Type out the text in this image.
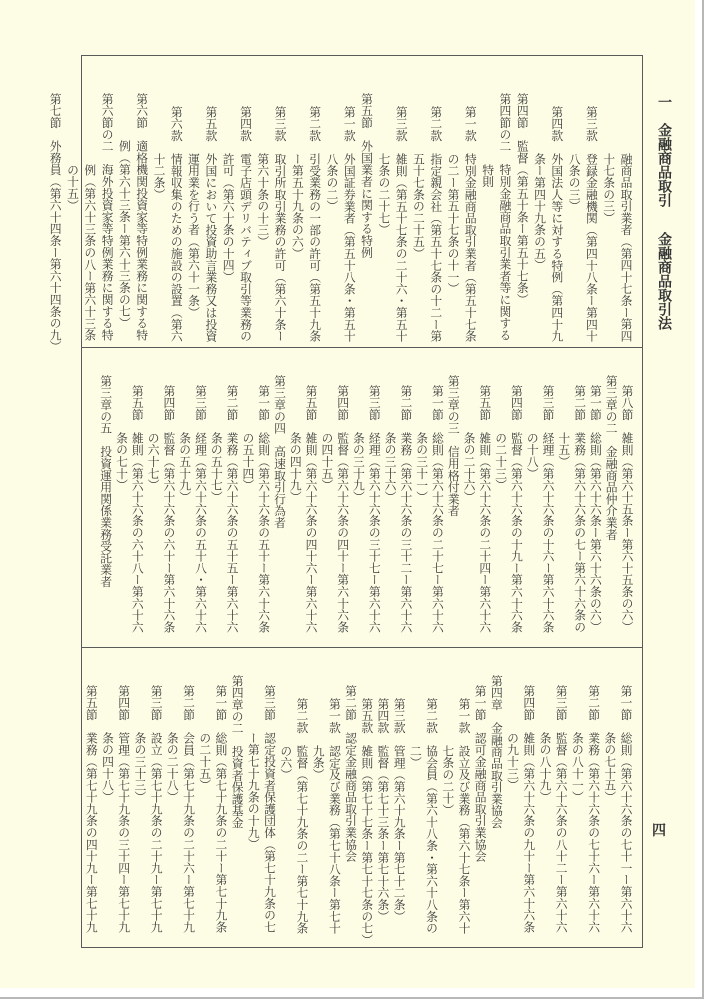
一　金融商品取引
金融商品取引法
融商品取引業者（第四十七条ー第四
十七条の三）
第三款　登録金融機関（第四十八条ー第四十
八条の三）
第四款　外国法人等に対する特例（第四十九
条ー第四十九条の五）
第四節　監督（第五十条ー第五十七条）
第四節の二　特別金融商品取引業者等に関する
特則
第一款　特別金融商品取引業者（第五十七条
の二ー第五十七条の十一）
第二款　指定親会社（第五十七条の十二ー第
五十七条の二十五）
第三款　雑則（第五十七条の二十六・第五十
七条の二十七）
第五節　外国業者に関する特例
第一款　外国証券業者（第五十八条・第五十
八条の二）
第二款　引受業務の一部の許可（第五十九条
ー第五十九条の六）
第三款　取引所取引業務の許可（第六十条ー
第六十条の十三）
第四款　電子店頭デリバティブ取引等業務の
許可（第六十条の十四）
第五款　外国において投資助言業務又は投資
運用業を行う者（第六十一条）
第六款　情報収集のための施設の設置（第六
十二条）
第六節　適格機関投資家等特例業務に関する特
例（第六十三条ー第六十三条の七）
第六節の二　海外投資家等特例業務に関する特
例（第六十三条の八ー第六十三条
の十五）
第七節　外務員（第六十四条ー第六十四条の九）
第八節　雑則（第六十五条ー第六十五条の六）
第三章の二　金融商品仲介業者
第一節　総則（第六十六条ー第六十六条の六）
第二節　業務（第六十六条の七ー第六十六条の
十五）
第三節　経理（第六十六条の十六ー第六十六条
の十八）
第四節　監督（第六十六条の十九ー第六十六条
の二十三）
第五節　雑則（第六十六条の二十四ー第六十六
条の二十六）
第三章の三　信用格付業者
第一節　総則（第六十六条の二十七ー第六十六
条の三十一）
第二節　業務（第六十六条の三十二ー第六十六
条の三十六）
第三節　経理（第六十六条の三十七ー第六十六
条の三十九）
第四節　監督（第六十六条の四十ー第六十六条
の四十五）
第五節　雑則（第六十六条の四十六ー第六十六
条の四十九）
第三章の四　高速取引行為者
第一節　総則（第六十六条の五十ー第六十六条
の五十四）
第二節　業務（第六十六条の五十五ー第六十六
条の五十七）
第三節　経理（第六十六条の五十八・第六十六
条の五十九）
第四節　監督（第六十六条の六十ー第六十六条
の六十七）
第五節　雑則（第六十六条の六十八ー第六十六
条の七十）
第三章の五　投資運用関係業務受託業者
第一節　総則（第六十六条の七十一ー第六十六
条の七十五）
第二節　業務（第六十六条の七十六ー第六十六
条の八十一）
第三節　監督（第六十六条の八十二ー第六十六
条の八十九）
第四節　雑則（第六十六条の九十ー第六十六条
の九十三）
第四章　金融商品取引業協会
第一節　認可金融商品取引業協会
第一款　設立及び業務（第六十七条ー第六十
七条の二十）
第二款　協会員（第六十八条・第六十八条の
二）
第三款　管理（第六十九条ー第七十二条）
第四款　監督（第七十三条ー第七十六条）
第五款　雑則（第七十七条ー第七十七条の七）
第二節　認定金融商品取引業協会
第一款　認定及び業務（第七十八条ー第七十
九条）
第二款　監督（第七十九条の二ー第七十九条
の六）
第三節　認定投資者保護団体（第七十九条の七
ー第七十九条の十九）
第四章の二　投資者保護基金
第一節　総則（第七十九条の二十ー第七十九条
の二十五）
第二節　会員（第七十九条の二十六ー第七十九
条の二十八）
第三節　設立（第七十九条の二十九ー第七十九
条の三十三）
第四節　管理（第七十九条の三十四ー第七十九
条の四十八）
第五節　業務（第七十九条の四十九ー第七十九	四
